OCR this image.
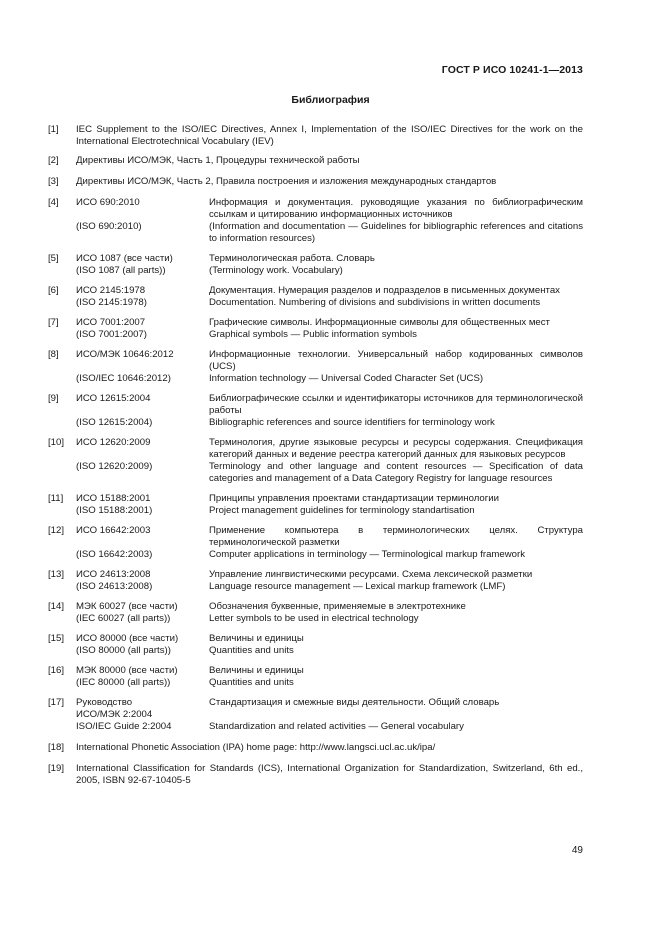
ГОСТ Р ИСО 10241-1—2013
Библиография
[1]	IEC Supplement to the ISO/IEC Directives, Annex I, Implementation of the ISO/IEC Directives for the work on the International Electrotechnical Vocabulary (IEV)
[2]	Директивы ИСО/МЭК, Часть 1, Процедуры технической работы
[3]	Директивы ИСО/МЭК, Часть 2, Правила построения и изложения международных стандартов
[4]	ИСО 690:2010	Информация и документация. руководящие указания по библиографическим ссылкам и цитированию информационных источников
(ISO 690:2010)	(Information and documentation — Guidelines for bibliographic references and citations to information resources)
[5]	ИСО 1087 (все части)	Терминологическая работа. Словарь
(ISO 1087 (all parts))	(Terminology work. Vocabulary)
[6]	ИСО 2145:1978	Документация. Нумерация разделов и подразделов в письменных документах
(ISO 2145:1978)	Documentation. Numbering of divisions and subdivisions in written documents
[7]	ИСО 7001:2007	Графические символы. Информационные символы для общественных мест
(ISO 7001:2007)	Graphical symbols — Public information symbols
[8]	ИСО/МЭК 10646:2012	Информационные технологии. Универсальный набор кодированных символов (UCS)
(ISO/IEC 10646:2012)	Information technology — Universal Coded Character Set (UCS)
[9]	ИСО 12615:2004	Библиографические ссылки и идентификаторы источников для терминологической работы
(ISO 12615:2004)	Bibliographic references and source identifiers for terminology work
[10]	ИСО 12620:2009	Терминология, другие языковые ресурсы и ресурсы содержания. Спецификация категорий данных и ведение реестра категорий данных для языковых ресурсов
(ISO 12620:2009)	Terminology and other language and content resources — Specification of data categories and management of a Data Category Registry for language resources
[11]	ИСО 15188:2001	Принципы управления проектами стандартизации терминологии
(ISO 15188:2001)	Project management guidelines for terminology standartisation
[12]	ИСО 16642:2003	Применение компьютера в терминологических целях. Структура терминологической разметки
(ISO 16642:2003)	Computer applications in terminology — Terminological markup framework
[13]	ИСО 24613:2008	Управление лингвистическими ресурсами. Схема лексической разметки
(ISO 24613:2008)	Language resource management — Lexical markup framework (LMF)
[14]	МЭК 60027 (все части)	Обозначения буквенные, применяемые в электротехнике
(IEC 60027 (all parts))	Letter symbols to be used in electrical technology
[15]	ИСО 80000 (все части)	Величины и единицы
(ISO 80000 (all parts))	Quantities and units
[16]	МЭК 80000 (все части)	Величины и единицы
(IEC 80000 (all parts))	Quantities and units
[17]	Руководство	Стандартизация и смежные виды деятельности. Общий словарь
ИСО/МЭК 2:2004
ISO/IEC Guide 2:2004	Standardization and related activities — General vocabulary
[18]	International Phonetic Association (IPA) home page: http://www.langsci.ucl.ac.uk/ipa/
[19]	International Classification for Standards (ICS), International Organization for Standardization, Switzerland, 6th ed., 2005, ISBN 92-67-10405-5
49
